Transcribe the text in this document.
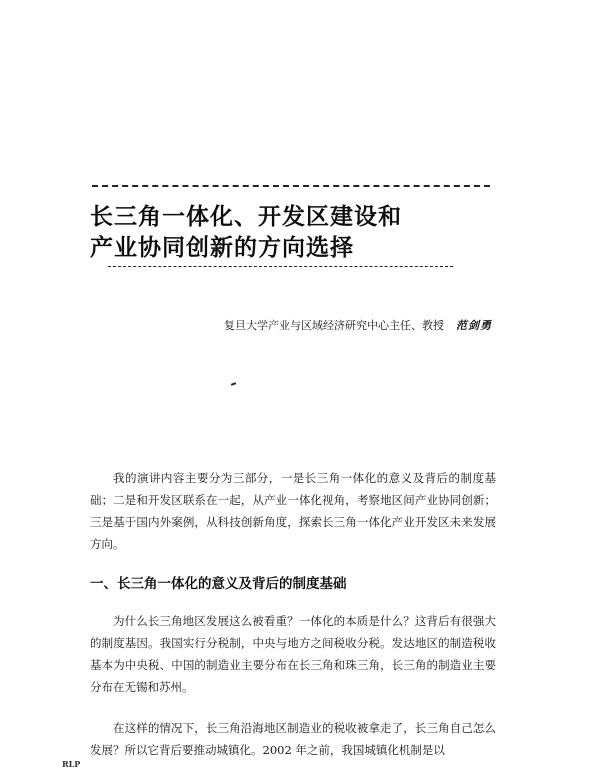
长三角一体化、开发区建设和
产业协同创新的方向选择
复旦大学产业与区域经济研究中心主任、教授 范剑勇

我的演讲内容主要分为三部分，一是长三角一体化的意义及背后的制度基础；二是和开发区联系在一起，从产业一体化视角，考察地区间产业协同创新；三是基于国内外案例，从科技创新角度，探索长三角一体化产业开发区未来发展方向。

一、长三角一体化的意义及背后的制度基础

为什么长三角地区发展这么被看重？一体化的本质是什么？这背后有很强大的制度基因。我国实行分税制，中央与地方之间税收分税。发达地区的制造税收基本为中央税、中国的制造业主要分布在长三角和珠三角，长三角的制造业主要分布在无锡和苏州。

在这样的情况下，长三角沿海地区制造业的税收被拿走了，长三角自己怎么发展？所以它背后要推动城镇化。2002 年之前，我国城镇化机制是以

RLP
